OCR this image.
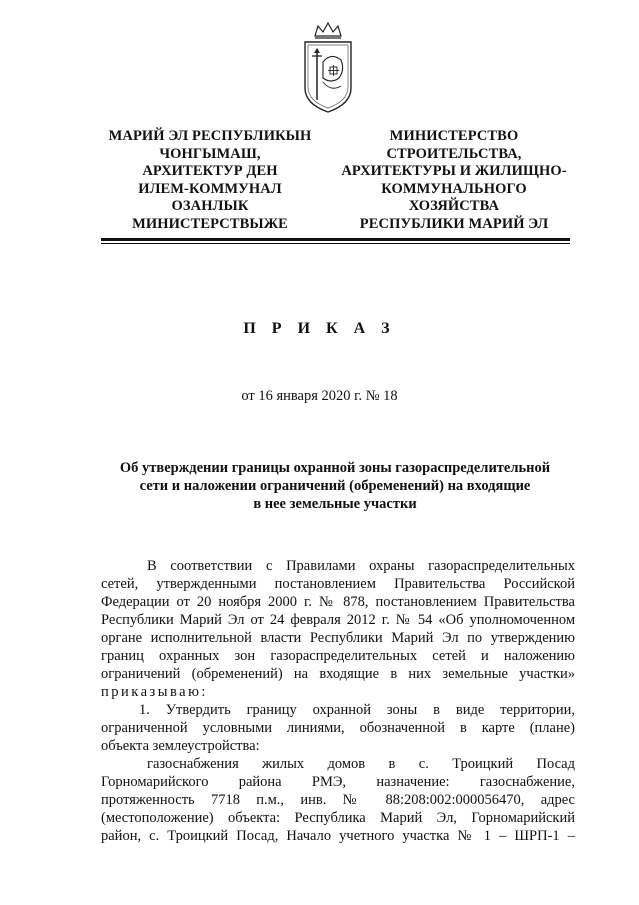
МАРИЙ ЭЛ РЕСПУБЛИКЫН
ЧОНГЫМАШ,
АРХИТЕКТУР ДЕН
ИЛЕМ-КОММУНАЛ
ОЗАНЛЫК
МИНИСТЕРСТВЫЖЕ
МИНИСТЕРСТВО
СТРОИТЕЛЬСТВА,
АРХИТЕКТУРЫ И ЖИЛИЩНО-
КОММУНАЛЬНОГО
ХОЗЯЙСТВА
РЕСПУБЛИКИ МАРИЙ ЭЛ
П Р И К А З
от 16 января 2020 г. № 18
Об утверждении границы охранной зоны газораспределительной
сети и наложении ограничений (обременений) на входящие
в нее земельные участки
В соответствии с Правилами охраны газораспределительных
сетей, утвержденными постановлением Правительства Российской
Федерации от 20 ноября 2000 г. № 878, постановлением Правительства
Республики Марий Эл от 24 февраля 2012 г. № 54 «Об уполномоченном
органе исполнительной власти Республики Марий Эл по утверждению
границ охранных зон газораспределительных сетей и наложению
ограничений (обременений) на входящие в них земельные участки»
приказываю:
1. Утвердить границу охранной зоны в виде территории,
ограниченной условными линиями, обозначенной в карте (плане)
объекта землеустройства:
газоснабжения жилых домов в с. Троицкий Посад
Горномарийского района РМЭ, назначение: газоснабжение,
протяженность 7718 п.м., инв. № 88:208:002:000056470, адрес
(местоположение) объекта: Республика Марий Эл, Горномарийский
район, с. Троицкий Посад, Начало учетного участка № 1 – ШРП-1 –
